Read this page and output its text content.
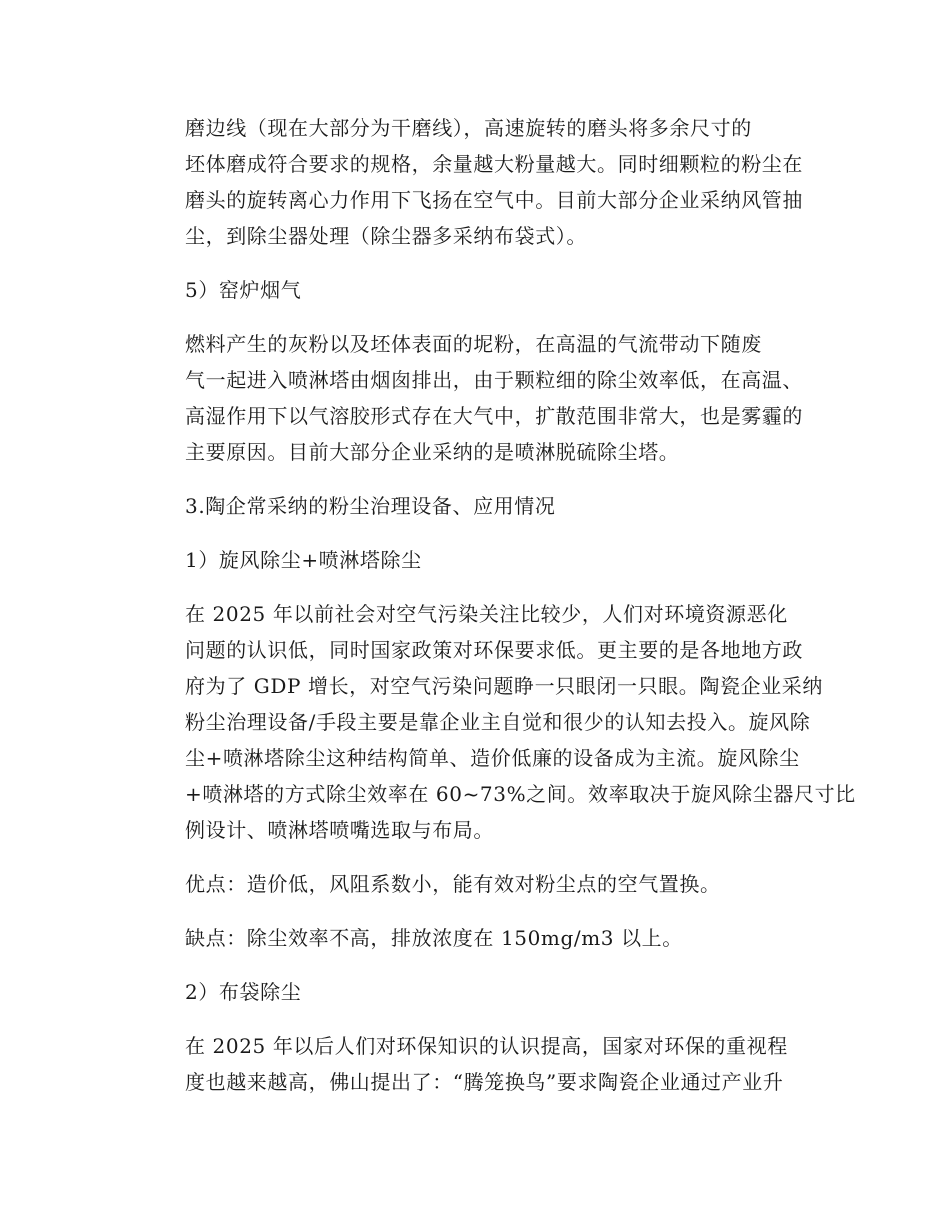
磨边线（现在大部分为干磨线），高速旋转的磨头将多余尺寸的
坯体磨成符合要求的规格，余量越大粉量越大。同时细颗粒的粉尘在
磨头的旋转离心力作用下飞扬在空气中。目前大部分企业采纳风管抽
尘，到除尘器处理（除尘器多采纳布袋式）。

5）窑炉烟气

燃料产生的灰粉以及坯体表面的坭粉，在高温的气流带动下随废
气一起进入喷淋塔由烟囱排出，由于颗粒细的除尘效率低，在高温、
高湿作用下以气溶胶形式存在大气中，扩散范围非常大，也是雾霾的
主要原因。目前大部分企业采纳的是喷淋脱硫除尘塔。

3.陶企常采纳的粉尘治理设备、应用情况

1）旋风除尘+喷淋塔除尘

在 2025 年以前社会对空气污染关注比较少，人们对环境资源恶化
问题的认识低，同时国家政策对环保要求低。更主要的是各地地方政
府为了 GDP 增长，对空气污染问题睁一只眼闭一只眼。陶瓷企业采纳
粉尘治理设备/手段主要是靠企业主自觉和很少的认知去投入。旋风除
尘+喷淋塔除尘这种结构简单、造价低廉的设备成为主流。旋风除尘
+喷淋塔的方式除尘效率在 60~73%之间。效率取决于旋风除尘器尺寸比
例设计、喷淋塔喷嘴选取与布局。

优点：造价低，风阻系数小，能有效对粉尘点的空气置换。

缺点：除尘效率不高，排放浓度在 150mg/m3 以上。

2）布袋除尘

在 2025 年以后人们对环保知识的认识提高，国家对环保的重视程
度也越来越高，佛山提出了：“腾笼换鸟”要求陶瓷企业通过产业升
